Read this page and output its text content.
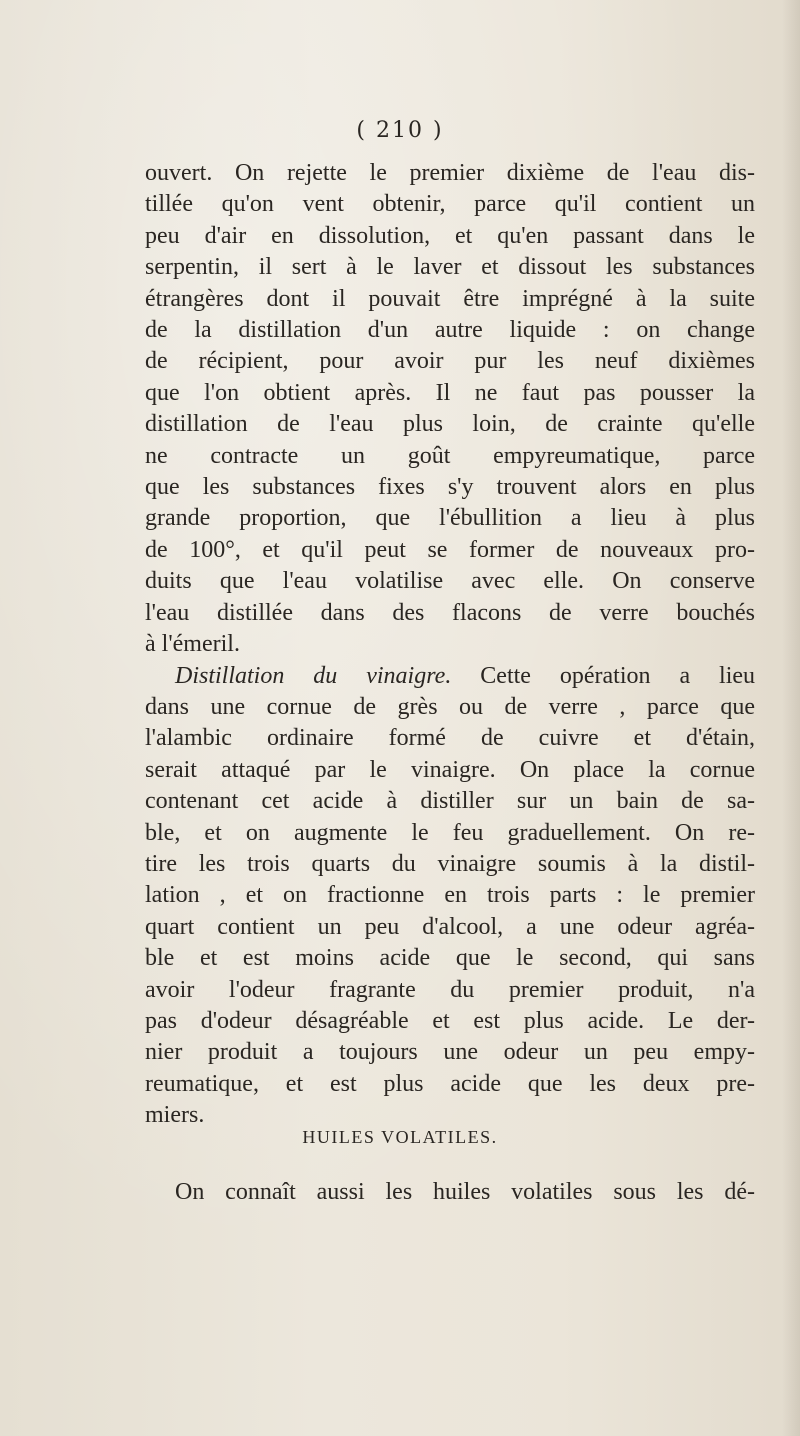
( 210 )

ouvert. On rejette le premier dixième de l'eau dis-

tillée qu'on vent obtenir, parce qu'il contient un

peu d'air en dissolution, et qu'en passant dans le

serpentin, il sert à le laver et dissout les substances

étrangères dont il pouvait être imprégné à la suite

de la distillation d'un autre liquide : on change

de récipient, pour avoir pur les neuf dixièmes

que l'on obtient après. Il ne faut pas pousser la

distillation de l'eau plus loin, de crainte qu'elle

ne contracte un goût empyreumatique, parce

que les substances fixes s'y trouvent alors en plus

grande proportion, que l'ébullition a lieu à plus

de 100°, et qu'il peut se former de nouveaux pro-

duits que l'eau volatilise avec elle. On conserve

l'eau distillée dans des flacons de verre bouchés

à l'émeril.

Distillation du vinaigre. Cette opération a lieu

dans une cornue de grès ou de verre , parce que

l'alambic ordinaire formé de cuivre et d'étain,

serait attaqué par le vinaigre. On place la cornue

contenant cet acide à distiller sur un bain de sa-

ble, et on augmente le feu graduellement. On re-

tire les trois quarts du vinaigre soumis à la distil-

lation , et on fractionne en trois parts : le premier

quart contient un peu d'alcool, a une odeur agréa-

ble et est moins acide que le second, qui sans

avoir l'odeur fragrante du premier produit, n'a

pas d'odeur désagréable et est plus acide. Le der-

nier produit a toujours une odeur un peu empy-

reumatique, et est plus acide que les deux pre-

miers.

HUILES VOLATILES.
On connaît aussi les huiles volatiles sous les dé-
